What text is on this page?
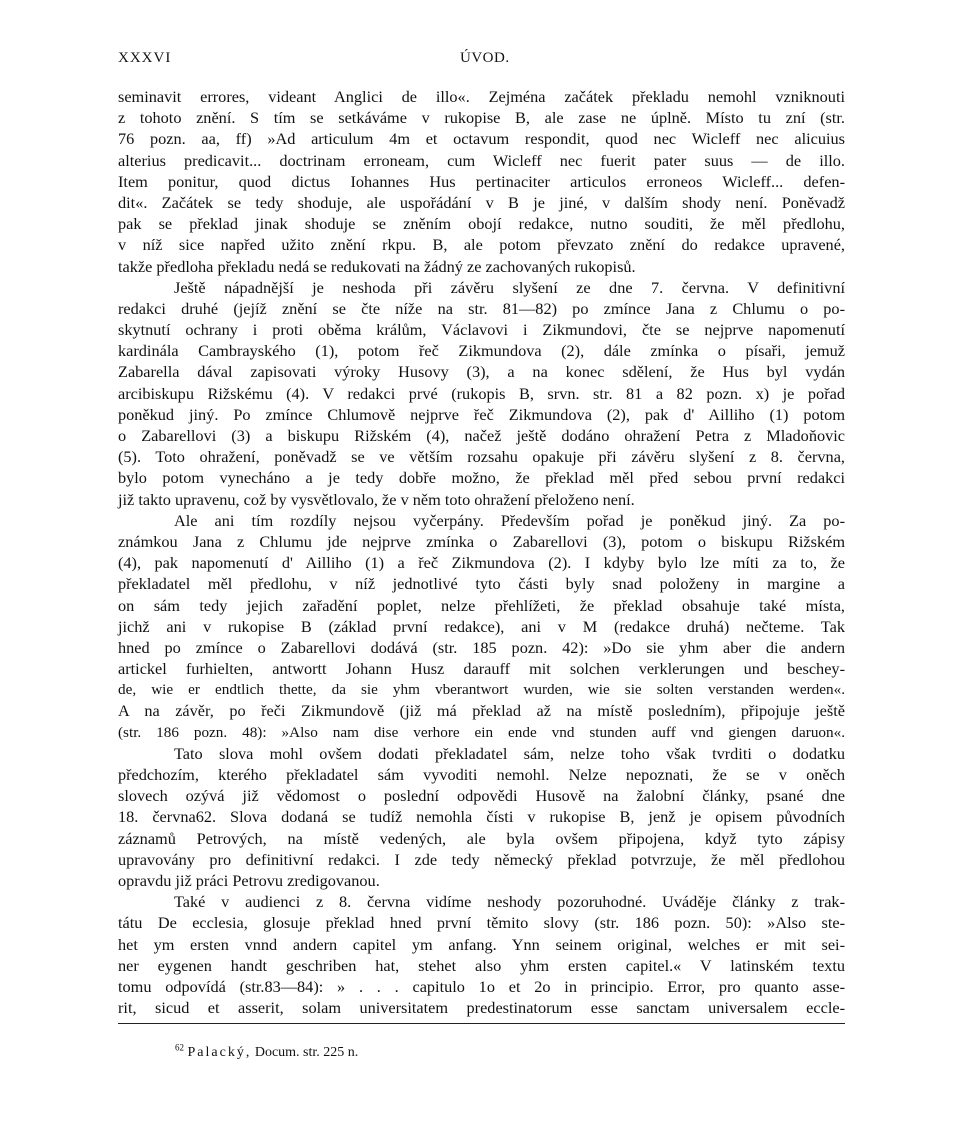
XXXVI	ÚVOD.
seminavit errores, videant Anglici de illo«. Zejména začátek překladu nemohl vzniknouti
z tohoto znění. S tím se setkáváme v rukopise B, ale zase ne úplně. Místo tu zní (str.
76 pozn. aa, ff) »Ad articulum 4m et octavum respondit, quod nec Wicleff nec alicuius
alterius predicavit... doctrinam erroneam, cum Wicleff nec fuerit pater suus — de illo.
Item ponitur, quod dictus Iohannes Hus pertinaciter articulos erroneos Wicleff... defen-
dit«. Začátek se tedy shoduje, ale uspořádání v B je jiné, v dalším shody není. Poněvadž
pak se překlad jinak shoduje se zněním obojí redakce, nutno souditi, že měl předlohu,
v níž sice napřed užito znění rkpu. B, ale potom převzato znění do redakce upravené,
takže předloha překladu nedá se redukovati na žádný ze zachovaných rukopisů.
Ještě nápadnější je neshoda při závěru slyšení ze dne 7. června. V definitivní
redakci druhé (jejíž znění se čte níže na str. 81—82) po zmínce Jana z Chlumu o po-
skytnutí ochrany i proti oběma králům, Václavovi i Zikmundovi, čte se nejprve napomenutí
kardinála Cambrayského (1), potom řeč Zikmundova (2), dále zmínka o písaři, jemuž
Zabarella dával zapisovati výroky Husovy (3), a na konec sdělení, že Hus byl vydán
arcibiskupu Rižskému (4). V redakci prvé (rukopis B, srvn. str. 81 a 82 pozn. x) je pořad
poněkud jiný. Po zmínce Chlumově nejprve řeč Zikmundova (2), pak d' Ailliho (1) potom
o Zabarellovi (3) a biskupu Rižském (4), načež ještě dodáno ohražení Petra z Mladoňovic
(5). Toto ohražení, poněvadž se ve větším rozsahu opakuje při závěru slyšení z 8. června,
bylo potom vynecháno a je tedy dobře možno, že překlad měl před sebou první redakci
již takto upravenu, což by vysvětlovalo, že v něm toto ohražení přeloženo není.
Ale ani tím rozdíly nejsou vyčerpány. Především pořad je poněkud jiný. Za po-
známkou Jana z Chlumu jde nejprve zmínka o Zabarellovi (3), potom o biskupu Rižském
(4), pak napomenutí d' Ailliho (1) a řeč Zikmundova (2). I kdyby bylo lze míti za to, že
překladatel měl předlohu, v níž jednotlivé tyto části byly snad položeny in margine a
on sám tedy jejich zařadění poplet, nelze přehlížeti, že překlad obsahuje také místa,
jichž ani v rukopise B (základ první redakce), ani v M (redakce druhá) nečteme. Tak
hned po zmínce o Zabarellovi dodává (str. 185 pozn. 42): »Do sie yhm aber die andern
artickel furhielten, antwortt Johann Husz darauff mit solchen verklerungen und beschey-
de, wie er endtlich thette, da sie yhm vberantwort wurden, wie sie solten verstanden werden«.
A na závěr, po řeči Zikmundově (již má překlad až na místě posledním), připojuje ještě
(str. 186 pozn. 48): »Also nam dise verhore ein ende vnd stunden auff vnd giengen daruon«.
Tato slova mohl ovšem dodati překladatel sám, nelze toho však tvrditi o dodatku
předchozím, kterého překladatel sám vyvoditi nemohl. Nelze nepoznati, že se v oněch
slovech ozývá již vědomost o poslední odpovědi Husově na žalobní články, psané dne
18. června62. Slova dodaná se tudíž nemohla čísti v rukopise B, jenž je opisem původních
záznamů Petrových, na místě vedených, ale byla ovšem připojena, když tyto zápisy
upravovány pro definitivní redakci. I zde tedy německý překlad potvrzuje, že měl předlohou
opravdu již práci Petrovu zredigovanou.
Také v audienci z 8. června vidíme neshody pozoruhodné. Uváděje články z trak-
tátu De ecclesia, glosuje překlad hned první těmito slovy (str. 186 pozn. 50): »Also ste-
het ym ersten vnnd andern capitel ym anfang. Ynn seinem original, welches er mit sei-
ner eygenen handt geschriben hat, stehet also yhm ersten capitel.« V latinském textu
tomu odpovídá (str.83—84): » . . . capitulo 1o et 2o in principio. Error, pro quanto asse-
rit, sicud et asserit, solam universitatem predestinatorum esse sanctam universalem eccle-
$^{62}$ Palacký, Docum. str. 225 n.
